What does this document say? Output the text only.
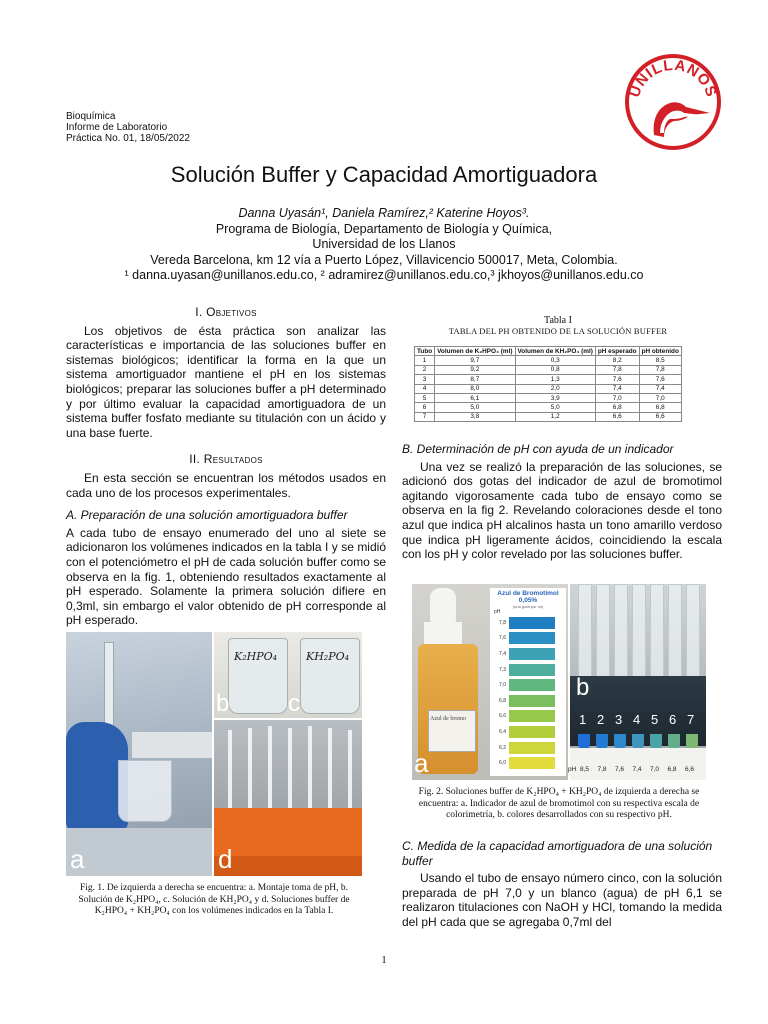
Bioquímica
Informe de Laboratorio
Práctica No. 01, 18/05/2022
UNILLANOS
Solución Buffer y Capacidad Amortiguadora
Danna Uyasán¹, Daniela Ramírez,² Katerine Hoyos³.
Programa de Biología, Departamento de Biología y Química,
Universidad de los Llanos
Vereda Barcelona, km 12 vía a Puerto López, Villavicencio 500017, Meta, Colombia.
¹ danna.uyasan@unillanos.edu.co, ² adramirez@unillanos.edu.co,³ jkhoyos@unillanos.edu.co
I. Objetivos

Los objetivos de ésta práctica son analizar las características e importancia de las soluciones buffer en sistemas biológicos; identificar la forma en la que un sistema amortiguador mantiene el pH en los sistemas biológicos; preparar las soluciones buffer a pH determinado y por último evaluar la capacidad amortiguadora de un sistema buffer fosfato mediante su titulación con un ácido y una base fuerte.

II. Resultados

En esta sección se encuentran los métodos usados en cada uno de los procesos experimentales.

A. Preparación de una solución amortiguadora buffer

A cada tubo de ensayo enumerado del uno al siete se adicionaron los volúmenes indicados en la tabla I y se midió con el potenciómetro el pH de cada solución buffer como se observa en la fig. 1, obteniendo resultados exactamente al pH esperado. Solamente la primera solución difiere en 0,3ml, sin embargo el valor obtenido de pH corresponde al pH esperado.

a
K₂HPO₄	KH₂PO₄
b c
d
Fig. 1. De izquierda a derecha se encuentra: a. Montaje toma de pH, b. Solución de K₂HPO₄, c. Solución de KH₂PO₄ y d. Soluciones buffer de K₂HPO₄ + KH₂PO₄ con los volúmenes indicados en la Tabla I.
Tabla I
TABLA DEL PH OBTENIDO DE LA SOLUCIÓN BUFFER
Tubo	Volumen de K₂HPO₄ (ml)	Volumen de KH₂PO₄ (ml)	pH esperado	pH obtenido
1	9,7	0,3	8,2	8,5
2	9,2	0,8	7,8	7,8
3	8,7	1,3	7,6	7,6
4	8,0	2,0	7,4	7,4
5	6,1	3,9	7,0	7,0
6	5,0	5,0	6,8	6,8
7	3,8	1,2	6,6	6,6
B. Determinación de pH con ayuda de un indicador

Una vez se realizó la preparación de las soluciones, se adicionó dos gotas del indicador de azul de bromotimol agitando vigorosamente cada tubo de ensayo como se observa en la fig 2. Revelando coloraciones desde el tono azul que indica pH alcalinos hasta un tono amarillo verdoso que indica pH ligeramente ácidos, coincidiendo la escala con los pH y color revelado por las soluciones buffer.

Azul de bromo
Azul de Bromotimol 0,05%
(una gota por ml)
pH
7,8
7,6
7,4
7,3
7,0
6,8
6,6
6,4
6,2
6,0
a
b
1 2 3 4 5 6 7
pH 8,5 7,8 7,6 7,4 7,0 6,8 6,6
Fig. 2. Soluciones buffer de K₂HPO₄ + KH₂PO₄ de izquierda a derecha se encuentra: a. Indicador de azul de bromotimol con su respectiva escala de colorimetría, b. colores desarrollados con su respectivo pH.
C. Medida de la capacidad amortiguadora de una solución buffer

Usando el tubo de ensayo número cinco, con la solución preparada de pH 7,0 y un blanco (agua) de pH 6,1 se realizaron titulaciones con NaOH y HCl, tomando la medida del pH cada que se agregaba 0,7ml del

1
